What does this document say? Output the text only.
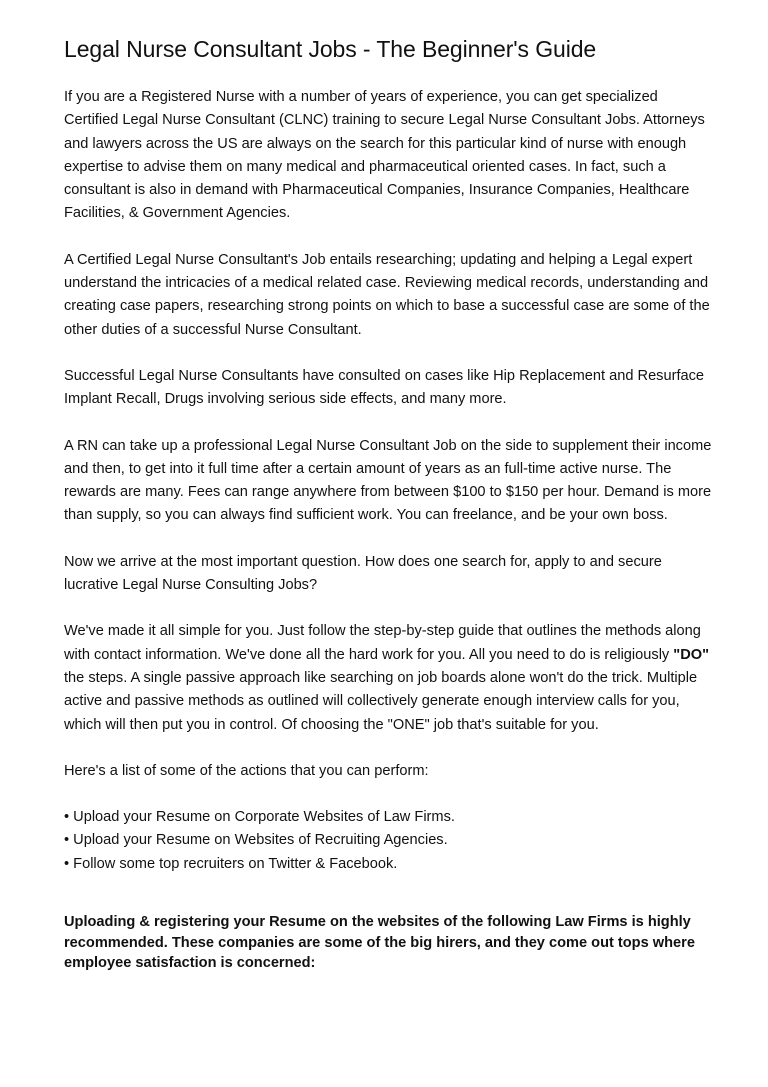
Legal Nurse Consultant Jobs - The Beginner's Guide

If you are a Registered Nurse with a number of years of experience, you can get specialized Certified Legal Nurse Consultant (CLNC) training to secure Legal Nurse Consultant Jobs. Attorneys and lawyers across the US are always on the search for this particular kind of nurse with enough expertise to advise them on many medical and pharmaceutical oriented cases. In fact, such a consultant is also in demand with Pharmaceutical Companies, Insurance Companies, Healthcare Facilities, & Government Agencies.

A Certified Legal Nurse Consultant's Job entails researching; updating and helping a Legal expert understand the intricacies of a medical related case. Reviewing medical records, understanding and creating case papers, researching strong points on which to base a successful case are some of the other duties of a successful Nurse Consultant.

Successful Legal Nurse Consultants have consulted on cases like Hip Replacement and Resurface Implant Recall, Drugs involving serious side effects, and many more.

A RN can take up a professional Legal Nurse Consultant Job on the side to supplement their income and then, to get into it full time after a certain amount of years as an full-time active nurse. The rewards are many. Fees can range anywhere from between $100 to $150 per hour. Demand is more than supply, so you can always find sufficient work. You can freelance, and be your own boss.

Now we arrive at the most important question. How does one search for, apply to and secure lucrative Legal Nurse Consulting Jobs?

We've made it all simple for you. Just follow the step-by-step guide that outlines the methods along with contact information. We've done all the hard work for you. All you need to do is religiously "DO" the steps. A single passive approach like searching on job boards alone won't do the trick. Multiple active and passive methods as outlined will collectively generate enough interview calls for you, which will then put you in control. Of choosing the "ONE" job that's suitable for you.

Here's a list of some of the actions that you can perform:

• Upload your Resume on Corporate Websites of Law Firms.
• Upload your Resume on Websites of Recruiting Agencies.
• Follow some top recruiters on Twitter & Facebook.

Uploading & registering your Resume on the websites of the following Law Firms is highly recommended. These companies are some of the big hirers, and they come out tops where employee satisfaction is concerned:
